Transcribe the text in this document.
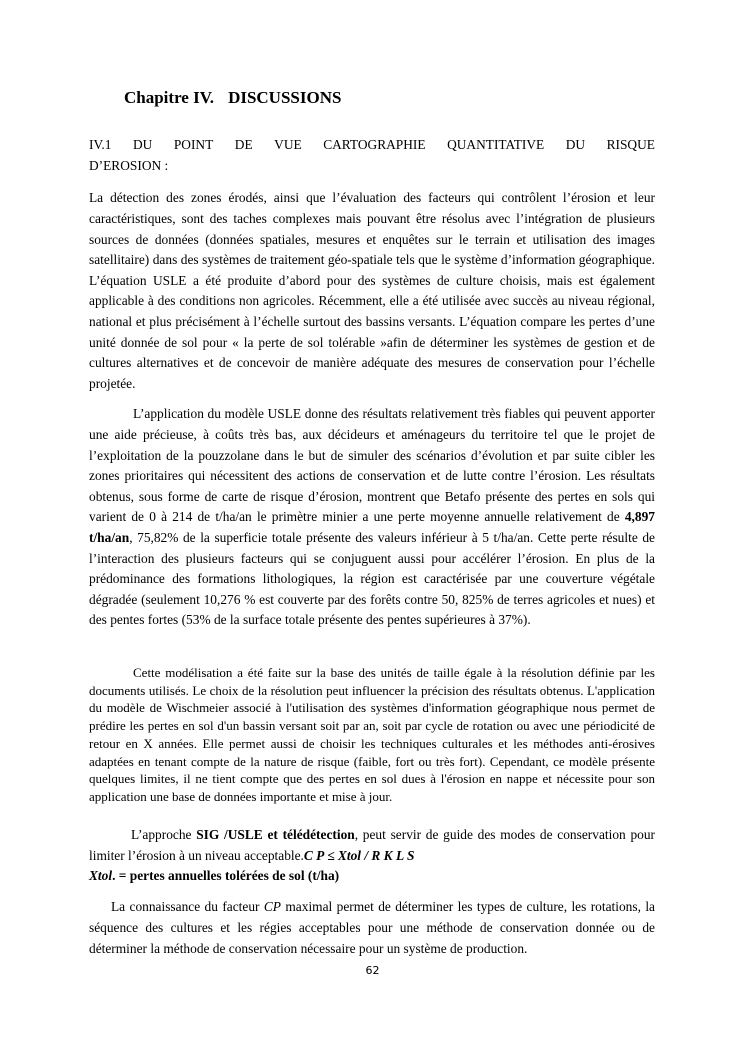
Chapitre IV. DISCUSSIONS
IV.1 DU POINT DE VUE CARTOGRAPHIE QUANTITATIVE DU RISQUE
D’EROSION :

La détection des zones érodés, ainsi que l’évaluation des facteurs qui contrôlent l’érosion et leur caractéristiques, sont des taches complexes mais pouvant être résolus avec l’intégration de plusieurs sources de données (données spatiales, mesures et enquêtes sur le terrain et utilisation des images satellitaire) dans des systèmes de traitement géo-spatiale tels que le système d’information géographique. L’équation USLE a été produite d’abord pour des systèmes de culture choisis, mais est également applicable à des conditions non agricoles. Récemment, elle a été utilisée avec succès au niveau régional, national et plus précisément à l’échelle surtout des bassins versants. L’équation compare les pertes d’une unité donnée de sol pour « la perte de sol tolérable »afin de déterminer les systèmes de gestion et de cultures alternatives et de concevoir de manière adéquate des mesures de conservation pour l’échelle projetée.

L’application du modèle USLE donne des résultats relativement très fiables qui peuvent apporter une aide précieuse, à coûts très bas, aux décideurs et aménageurs du territoire tel que le projet de l’exploitation de la pouzzolane dans le but de simuler des scénarios d’évolution et par suite cibler les zones prioritaires qui nécessitent des actions de conservation et de lutte contre l’érosion. Les résultats obtenus, sous forme de carte de risque d’érosion, montrent que Betafo présente des pertes en sols qui varient de 0 à 214 de t/ha/an le primètre minier a une perte moyenne annuelle relativement de 4,897 t/ha/an, 75,82% de la superficie totale présente des valeurs inférieur à 5 t/ha/an. Cette perte résulte de l’interaction des plusieurs facteurs qui se conjuguent aussi pour accélérer l’érosion. En plus de la prédominance des formations lithologiques, la région est caractérisée par une couverture végétale dégradée (seulement 10,276 % est couverte par des forêts contre 50, 825% de terres agricoles et nues) et des pentes fortes (53% de la surface totale présente des pentes supérieures à 37%).

Cette modélisation a été faite sur la base des unités de taille égale à la résolution définie par les documents utilisés. Le choix de la résolution peut influencer la précision des résultats obtenus. L'application du modèle de Wischmeier associé à l'utilisation des systèmes d'information géographique nous permet de prédire les pertes en sol d'un bassin versant soit par an, soit par cycle de rotation ou avec une périodicité de retour en X années. Elle permet aussi de choisir les techniques culturales et les méthodes anti-érosives adaptées en tenant compte de la nature de risque (faible, fort ou très fort). Cependant, ce modèle présente quelques limites, il ne tient compte que des pertes en sol dues à l'érosion en nappe et nécessite pour son application une base de données importante et mise à jour.

L’approche SIG /USLE et télédétection, peut servir de guide des modes de conservation pour limiter l’érosion à un niveau acceptable.C P ≤ Xtol / R K L S
Xtol. = pertes annuelles tolérées de sol (t/ha)

La connaissance du facteur CP maximal permet de déterminer les types de culture, les rotations, la séquence des cultures et les régies acceptables pour une méthode de conservation donnée ou de déterminer la méthode de conservation nécessaire pour un système de production.

62
